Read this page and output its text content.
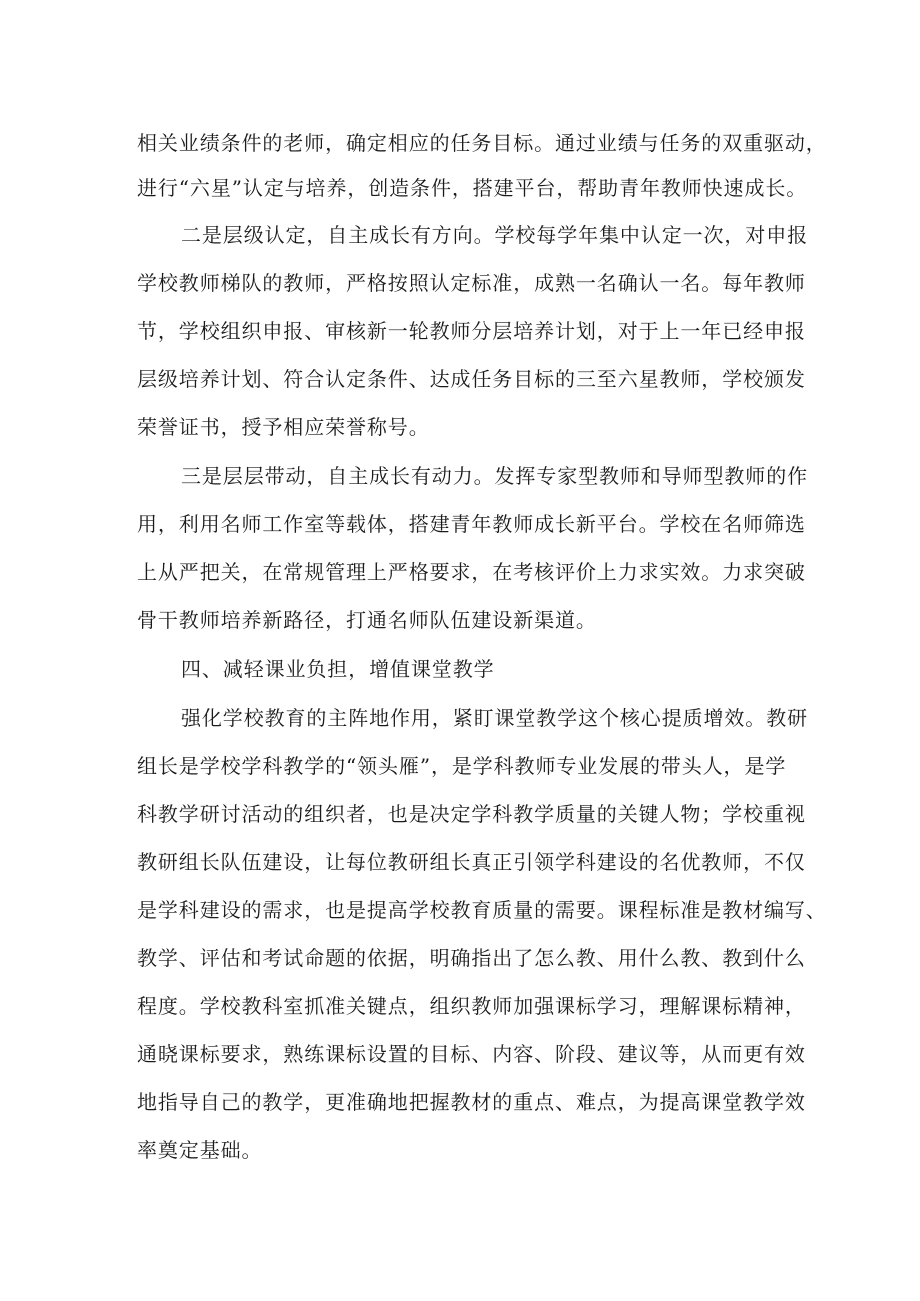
相关业绩条件的老师，确定相应的任务目标。通过业绩与任务的双重驱动，
进行“六星”认定与培养，创造条件，搭建平台，帮助青年教师快速成长。
二是层级认定，自主成长有方向。学校每学年集中认定一次，对申报
学校教师梯队的教师，严格按照认定标准，成熟一名确认一名。每年教师
节，学校组织申报、审核新一轮教师分层培养计划，对于上一年已经申报
层级培养计划、符合认定条件、达成任务目标的三至六星教师，学校颁发
荣誉证书，授予相应荣誉称号。
三是层层带动，自主成长有动力。发挥专家型教师和导师型教师的作
用，利用名师工作室等载体，搭建青年教师成长新平台。学校在名师筛选
上从严把关，在常规管理上严格要求，在考核评价上力求实效。力求突破
骨干教师培养新路径，打通名师队伍建设新渠道。
四、减轻课业负担，增值课堂教学
强化学校教育的主阵地作用，紧盯课堂教学这个核心提质增效。教研
组长是学校学科教学的“领头雁”，是学科教师专业发展的带头人，是学
科教学研讨活动的组织者，也是决定学科教学质量的关键人物；学校重视
教研组长队伍建设，让每位教研组长真正引领学科建设的名优教师，不仅
是学科建设的需求，也是提高学校教育质量的需要。课程标准是教材编写、
教学、评估和考试命题的依据，明确指出了怎么教、用什么教、教到什么
程度。学校教科室抓准关键点，组织教师加强课标学习，理解课标精神，
通晓课标要求，熟练课标设置的目标、内容、阶段、建议等，从而更有效
地指导自己的教学，更准确地把握教材的重点、难点，为提高课堂教学效
率奠定基础。
